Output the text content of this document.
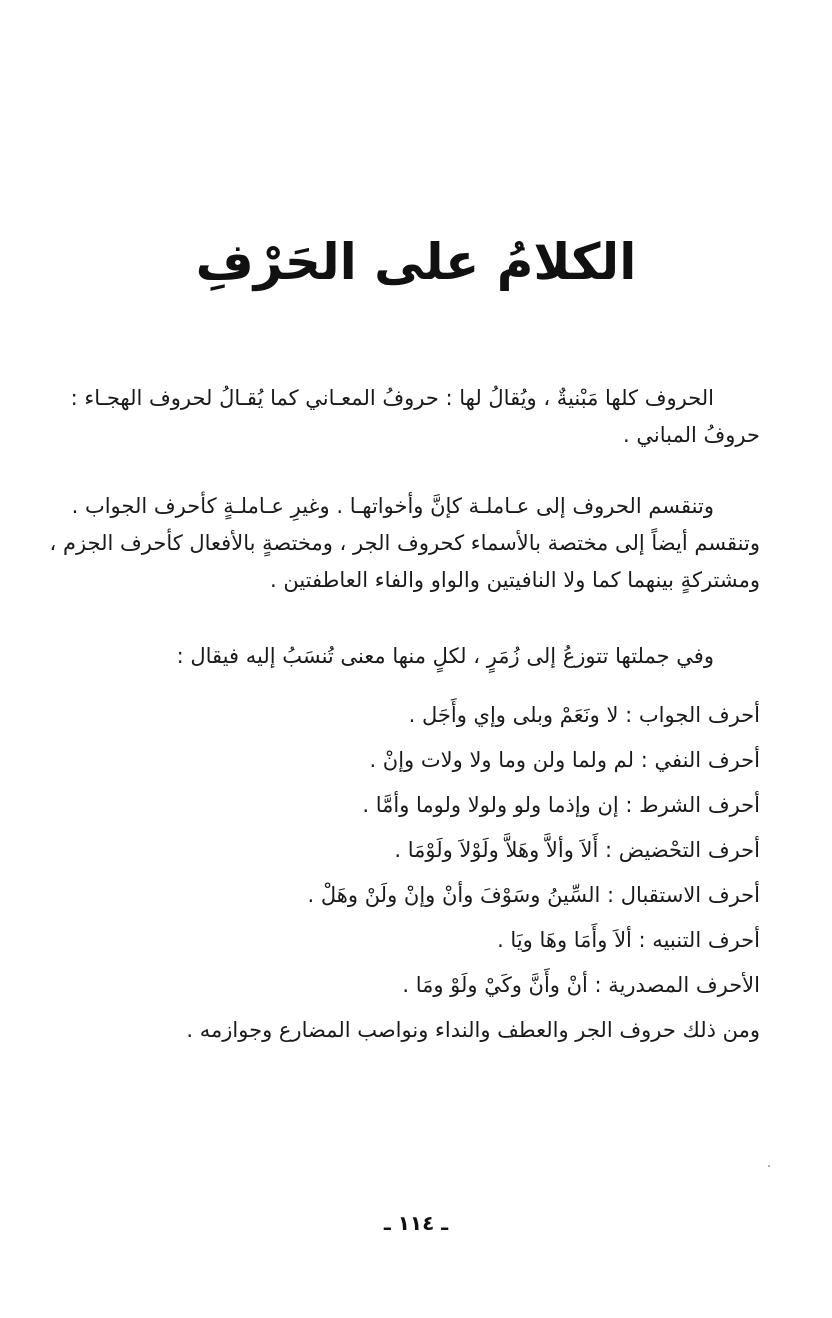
الكلامُ على الحَرْفِ
الحروف كلها مَبْنيةٌ ، ويُقالُ لها : حروفُ المعـاني كما يُقـالُ لحروف الهجـاء :
حروفُ المباني .
وتنقسم الحروف إلى عـاملـة كإنَّ وأخواتهـا . وغيرِ عـاملـةٍ كأحرف الجواب .
وتنقسم أيضاً إلى مختصة بالأسماء كحروف الجر ، ومختصةٍ بالأفعال كأحرف الجزم ،
ومشتركةٍ بينهما كما ولا النافيتين والواو والفاء العاطفتين .
وفي جملتها تتوزعُ إلى زُمَرٍ ، لكلٍ منها معنى تُنسَبُ إليه فيقال :
أحرف الجواب : لا ونَعَمْ وبلى وإي وأَجَل .
أحرف النفي : لم ولما ولن وما ولا ولات وإنْ .
أحرف الشرط : إن وإذما ولو ولولا ولوما وأمَّا .
أحرف التحْضيض : أَلاَ وألاَّ وهَلاَّ ولَوْلاَ ولَوْمَا .
أحرف الاستقبال : السِّينُ وسَوْفَ وأنْ وإنْ ولَنْ وهَلْ .
أحرف التنبيه : ألاَ وأَمَا وهَا ويَا .
الأحرف المصدرية : أنْ وأَنَّ وكَيْ ولَوْ ومَا .
ومن ذلك حروف الجر والعطف والنداء ونواصب المضارع وجوازمه .
ـ ١١٤ ـ
